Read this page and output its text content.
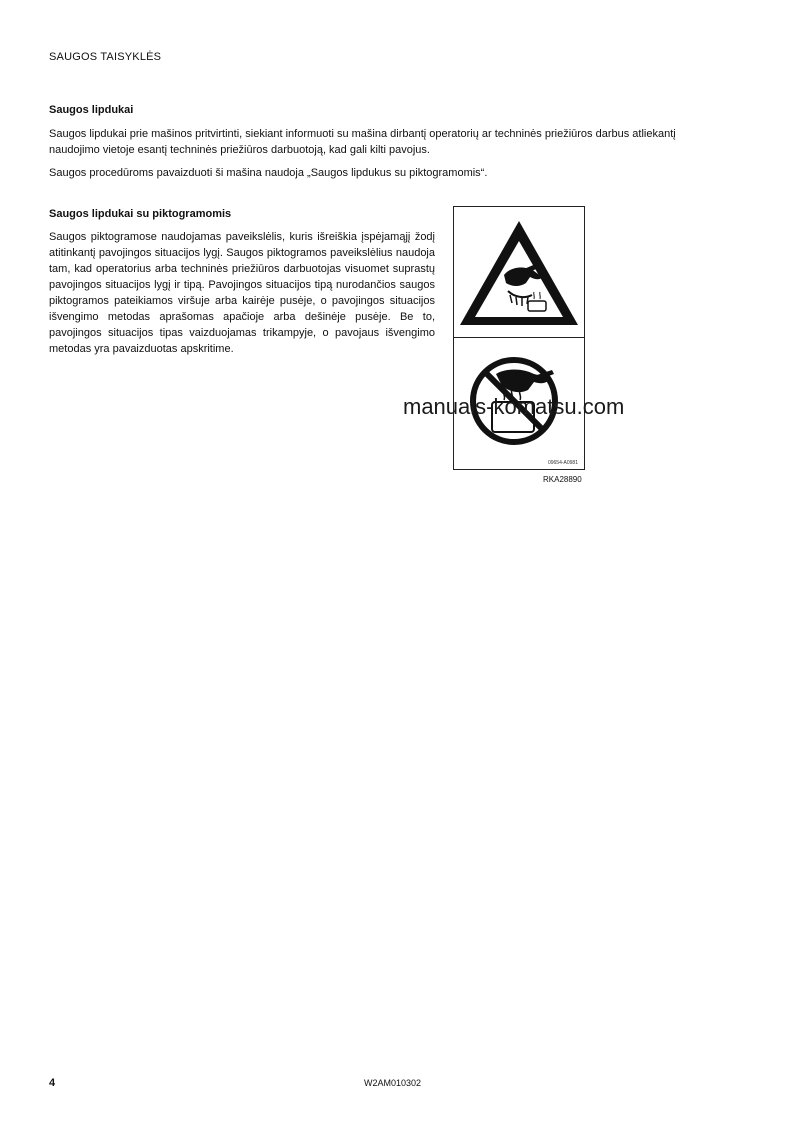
SAUGOS TAISYKLĖS
Saugos lipdukai

Saugos lipdukai prie mašinos pritvirtinti, siekiant informuoti su mašina dirbantį operatorių ar techninės priežiūros darbus atliekantį naudojimo vietoje esantį techninės priežiūros darbuotoją, kad gali kilti pavojus.

Saugos procedūroms pavaizduoti ši mašina naudoja „Saugos lipdukus su piktogramomis“.

Saugos lipdukai su piktogramomis

Saugos piktogramose naudojamas paveikslėlis, kuris išreiškia įspėjamąjį žodį atitinkantį pavojingos situacijos lygį. Saugos piktogramos paveikslėlius naudoja tam, kad operatorius arba techninės priežiūros darbuotojas visuomet suprastų pavojingos situacijos lygį ir tipą. Pavojingos situacijos tipą nurodančios saugos piktogramos pateikiamos viršuje arba kairėje pusėje, o pavojingos situacijos išvengimo metodas aprašomas apačioje arba dešinėje pusėje. Be to, pavojingos situacijos tipas vaizduojamas trikampyje, o pavojaus išvengimo metodas yra pavaizduotas apskritime.

09654-A0981
RKA28890
manuals-komatsu.com
4	W2AM010302
